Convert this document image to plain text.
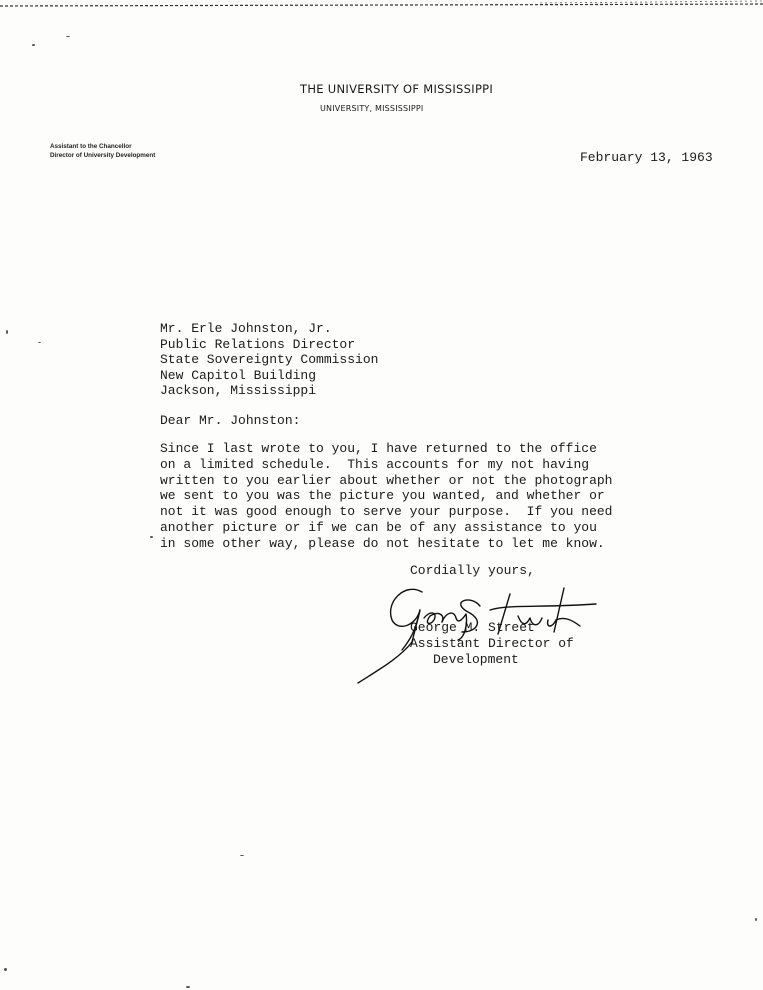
THE UNIVERSITY OF MISSISSIPPI
UNIVERSITY, MISSISSIPPI
Assistant to the Chancellor
Director of University Development	February 13, 1963
Mr. Erle Johnston, Jr.
Public Relations Director
State Sovereignty Commission
New Capitol Building
Jackson, Mississippi
Dear Mr. Johnston:
Since I last wrote to you, I have returned to the office
on a limited schedule.  This accounts for my not having
written to you earlier about whether or not the photograph
we sent to you was the picture you wanted, and whether or
not it was good enough to serve your purpose.  If you need
another picture or if we can be of any assistance to you
in some other way, please do not hesitate to let me know.
Cordially yours,
George M. Street
Assistant Director of
Development
